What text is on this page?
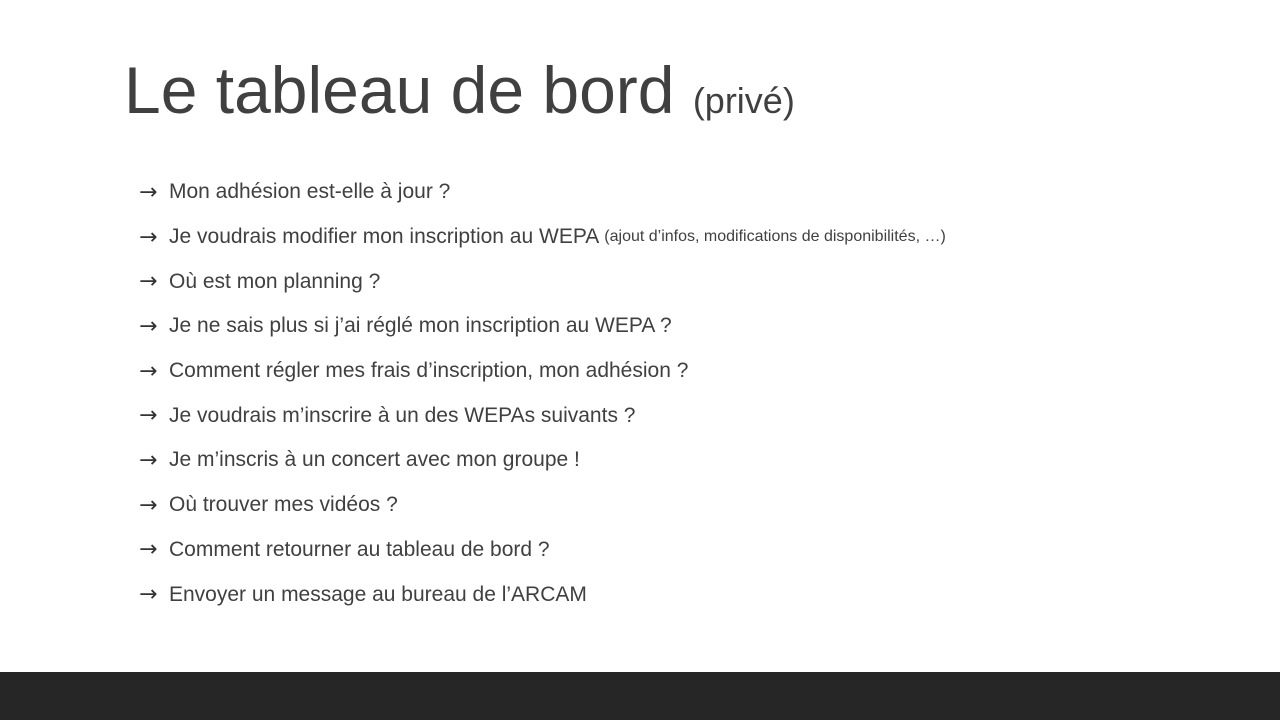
Le tableau de bord (privé)
→ Mon adhésion est-elle à jour ?
→ Je voudrais modifier mon inscription au WEPA (ajout d’infos, modifications de disponibilités, …)
→ Où est mon planning ?
→ Je ne sais plus si j’ai réglé mon inscription au WEPA ?
→ Comment régler mes frais d’inscription, mon adhésion ?
→ Je voudrais m’inscrire à un des WEPAs suivants ?
→ Je m’inscris à un concert avec mon groupe !
→ Où trouver mes vidéos ?
→ Comment retourner au tableau de bord ?
→ Envoyer un message au bureau de l’ARCAM
